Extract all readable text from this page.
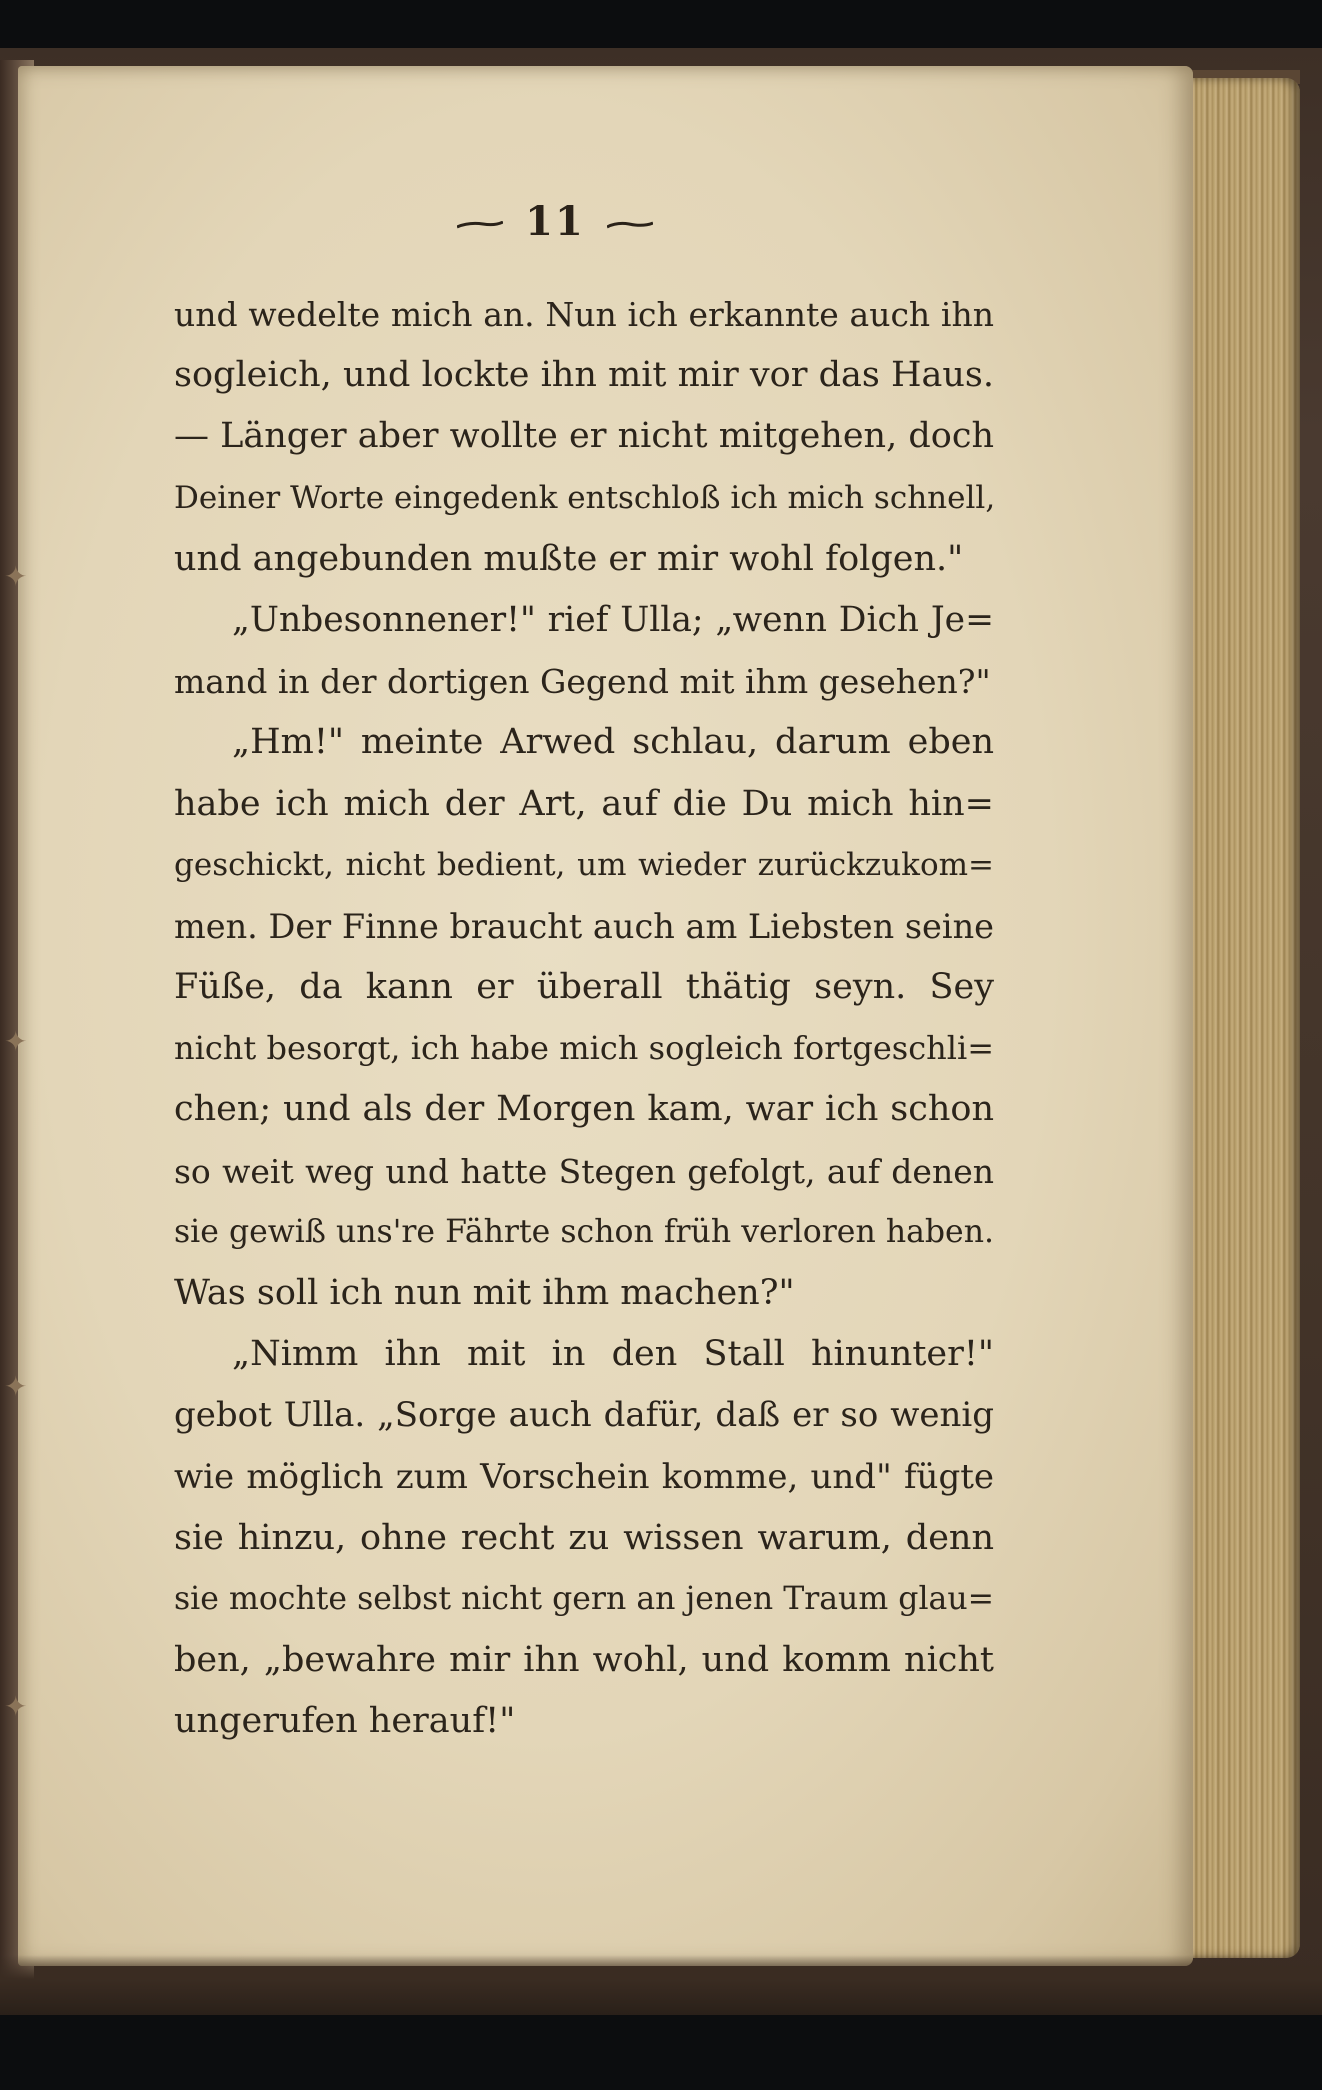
✦
✦
✦
✦
11
und wedelte mich an. Nun ich erkannte auch ihn
sogleich, und lockte ihn mit mir vor das Haus.
— Länger aber wollte er nicht mitgehen, doch
Deiner Worte eingedenk entschloß ich mich schnell,
und angebunden mußte er mir wohl folgen."
„Unbesonnener!" rief Ulla; „wenn Dich Je=
mand in der dortigen Gegend mit ihm gesehen?"
„Hm!" meinte Arwed schlau, darum eben
habe ich mich der Art, auf die Du mich hin=
geschickt, nicht bedient, um wieder zurückzukom=
men. Der Finne braucht auch am Liebsten seine
Füße, da kann er überall thätig seyn. Sey
nicht besorgt, ich habe mich sogleich fortgeschli=
chen; und als der Morgen kam, war ich schon
so weit weg und hatte Stegen gefolgt, auf denen
sie gewiß uns're Fährte schon früh verloren haben.
Was soll ich nun mit ihm machen?"
„Nimm ihn mit in den Stall hinunter!"
gebot Ulla. „Sorge auch dafür, daß er so wenig
wie möglich zum Vorschein komme, und" fügte
sie hinzu, ohne recht zu wissen warum, denn
sie mochte selbst nicht gern an jenen Traum glau=
ben, „bewahre mir ihn wohl, und komm nicht
ungerufen herauf!"
